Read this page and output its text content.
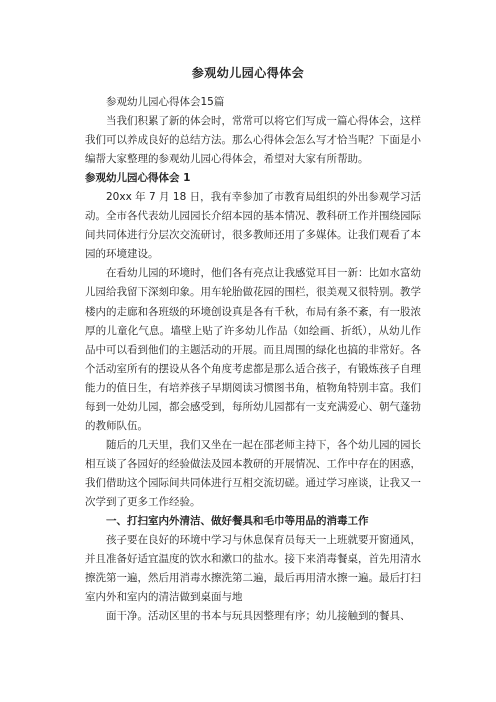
参观幼儿园心得体会

参观幼儿园心得体会15篇

当我们积累了新的体会时，常常可以将它们写成一篇心得体会，这样我们可以养成良好的总结方法。那么心得体会怎么写才恰当呢？下面是小编帮大家整理的参观幼儿园心得体会，希望对大家有所帮助。

参观幼儿园心得体会 1

20xx 年 7 月 18 日，我有幸参加了市教育局组织的外出参观学习活动。全市各代表幼儿园园长介绍本园的基本情况、教科研工作并围绕园际间共同体进行分层次交流研讨，很多教师还用了多媒体。让我们观看了本园的环境建设。

在看幼儿园的环境时，他们各有亮点让我感觉耳目一新：比如水富幼儿园给我留下深刻印象。用车轮胎做花园的围栏，很美观又很特别。教学楼内的走廊和各班级的环境创设真是各有千秋，布局有条不紊，有一股浓厚的儿童化气息。墙壁上贴了许多幼儿作品（如绘画、折纸），从幼儿作品中可以看到他们的主题活动的开展。而且周围的绿化也搞的非常好。各个活动室所有的摆设从各个角度考虑都是那么适合孩子，有锻炼孩子自理能力的值日生，有培养孩子早期阅读习惯图书角，植物角特别丰富。我们每到一处幼儿园，都会感受到，每所幼儿园都有一支充满爱心、朝气蓬勃的教师队伍。

随后的几天里，我们又坐在一起在邵老师主持下，各个幼儿园的园长相互谈了各园好的经验做法及园本教研的开展情况、工作中存在的困惑，我们借助这个园际间共同体进行互相交流切磋。通过学习座谈，让我又一次学到了更多工作经验。

一、打扫室内外清洁、做好餐具和毛巾等用品的消毒工作

孩子要在良好的环境中学习与休息保育员每天一上班就要开窗通风，并且准备好适宜温度的饮水和漱口的盐水。接下来消毒餐桌，首先用清水擦洗第一遍，然后用消毒水擦洗第二遍，最后再用清水擦一遍。最后打扫室内外和室内的清洁做到桌面与地

面干净。活动区里的书本与玩具因整理有序；幼儿接触到的餐具、
